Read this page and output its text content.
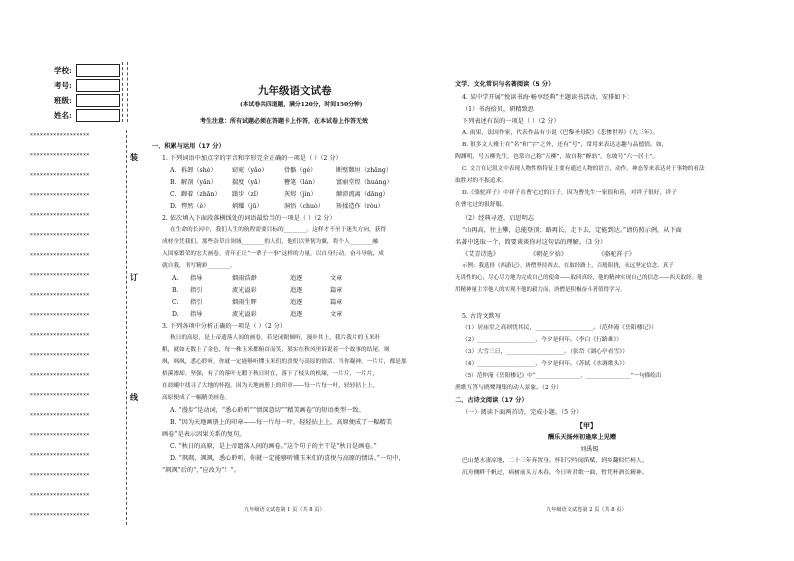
学校:
考号:
班级:
姓名:
××××××××××××××××××
××××××××××××××××××
××××××××××××××××××
××××××××××××××××××
××××××××××××××××××
××××××××××××××××××
××××××××××××××××××
××××××××××××××××××
××××××××××××××××××
××××××××××××××××××
××××××××××××××××××
××××××××××××××××××
××××××××××××××××××
××××××××××××××××××
××××××××××××××××××
××××××××××××××××××
××××××××××××××××××
××××××××××××××××××
××××××××××××××××××
××××××××××××××××××
装
订
线
九年级语文试卷
(本试卷共四道题，满分120分，时间150分钟)
考生注意：所有试题必须在答题卡上作答，在本试卷上作答无效
一、积累与运用（17 分）
1. 下列词语中加点字的字音和字形完全正确的一项是（ ）（2 分）
A. 拆卸（shè） 窈窕（yǎo）	骨骼（gé）	断壁颓垣（zhāng）
B. 解剖（yǎn） 揣度（yǎ）	簪笔（lán）	富丽堂煌（huáng）
C. 蹿着（zhān） 蹑步（zǐ）	灰烬（jìn）	颠沛流离（dāng）
D. 愕然（è）	炳耀（jū）	洞悟（chuò） 矫揉造作（ròu）
2. 依次填入下面段落横线处的词语最恰当的一项是（ ）（2 分）
在生命的长河中，我们人生的航程需要目标的________。这样才不至于迷失方向，获得
成材全凭我们。那些杂草自领域________的人们，他们以坚韧为翼，将个人________融
入国家繁荣的宏大画卷。青年正让“一辈子一事”这样的力量，以自身行动，奋斗导航，成
就自我，书写精彩________。
A. 指导	烟雨浩渺	追逐	文章
B. 指引	流光溢彩	追逐	篇章
C. 指引	烟雨生辉	追逐	篇章
D. 指导	流光溢彩	追逐	文章
3. 下列各项中分析正确的一项是（ ）（2 分）
秋日的高原，是上帝遗落人间的画卷。若是闭眼倾听，漫步其上，我片我片的玉米秆
粮，就如无数上了金色，每一株玉米都俯首而笑，果实在秋风里诉说着一个故事的结尾。飒
飒，飒飒，悉心聆听，你就一定能够听懂玉米们的喜悦与高原的情话。当你凝神，一片片，都是那
梧溪渗却。坚强，有了的落叶无暇于秋日时在，落下了枝头的机缘，一片片，一片片，
在晨曦中找寻了大地的怀抱。因为天地画册上的印章——每一片每一叶，轻轻拈上上，
高原便成了一幅精美画卷。
A. “漫步”是动词，“悉心聆听”“情深意切”“精美画卷”的短语类型一致。
B. “因为天地画册上的印章——每一片每一叶，轻轻拈上上，高原便成了一幅精美
画卷”是表示因果关系的复句。
C. “秋日的高原，是上帝遗落人间的画卷。”这个句子的主干是“秋日是画卷。”
D. “飒飒，飒飒，悉心聆听，你就一定能够听懂玉米们的喜悦与高原的情话。”一句中，
“飒飒”后的“，”应改为“！”。
九年级语文试卷第 1 页（共 8 页）
文学、文化常识与名著阅读（5 分）
4. 某中学开展“悦读书海·畅享经典”主题读书活动，安排如下：
（1）书海拾贝，研精致思
下列表述有误的一项是（ ）（2 分）
A. 雨果，法国作家，代表作品有小说《巴黎圣母院》《悲惨世界》《九三年》。
B. 很多文人雅士在“名”和“字”之外，还有“号”，常用来表达志趣与品德情。如，
陶渊明，号五柳先生，也常自己称“五柳”，故自称“醉翁”，东坡号“六一居士”。
C. 文言在记叙文中表现人物性格特征主要有通过人物的语言，动作，神态等来表达对于事物的看法
取胜对的不振追求。
D.《骆驼祥子》中祥子在曹宅过的日子，因为曹先生一家很和善，对祥子很好，祥子
在曹宅过的很舒服。
（2）经典寻迹，启思明志
“山再高，往上攀，总能登顶；路再长，走下去，定能到达。”请仿照示例，从下面
名著中选取一个，简要谈谈你对这句话的理解。（3 分）
《艾青诗选》	《朝花夕拾》	《骆驼祥子》
示例：我选择《西游记》。唐僧坚持西去，在取经路上，百般阻挠，永远坚定信念，真子
无畏性的心，尽心尽力地为完成自己的使命——取回真经，他的精神实现自己的信念——西天取经。他
用精神量主宰他人的实现不他的毅力而，唐僧是积极奋斗者值得学习。
5. 古诗文默写
（1）居庙堂之高则忧其民，____________________。（范仲淹《岳阳楼记》）
（2）____________________，今夕是何年。（李白《行路难》）
（3）大雪三日，____________________。（张岱《湖心亭看雪》）
（4）____________________，今夕是何年。（苏轼《水调歌头》）
（5）范仲淹《岳阳楼记》中“________________，________________”一句描绘出
渔歌互答与鸥鹭翔集的动人景象。（2 分）
二、古诗文阅读（17 分）
（一）阅读下面两首诗，完成小题。（5 分）
【甲】
酬乐天扬州初逢席上见赠
刘禹锡
巴山楚水凄凉地，二十三年弃置身。怀旧空吟闻笛赋，到乡翻似烂柯人。
沉舟侧畔千帆过，病树前头万木春。今日听君歌一曲，暂凭杯酒长精神。
九年级语文试卷第 2 页（共 8 页）
